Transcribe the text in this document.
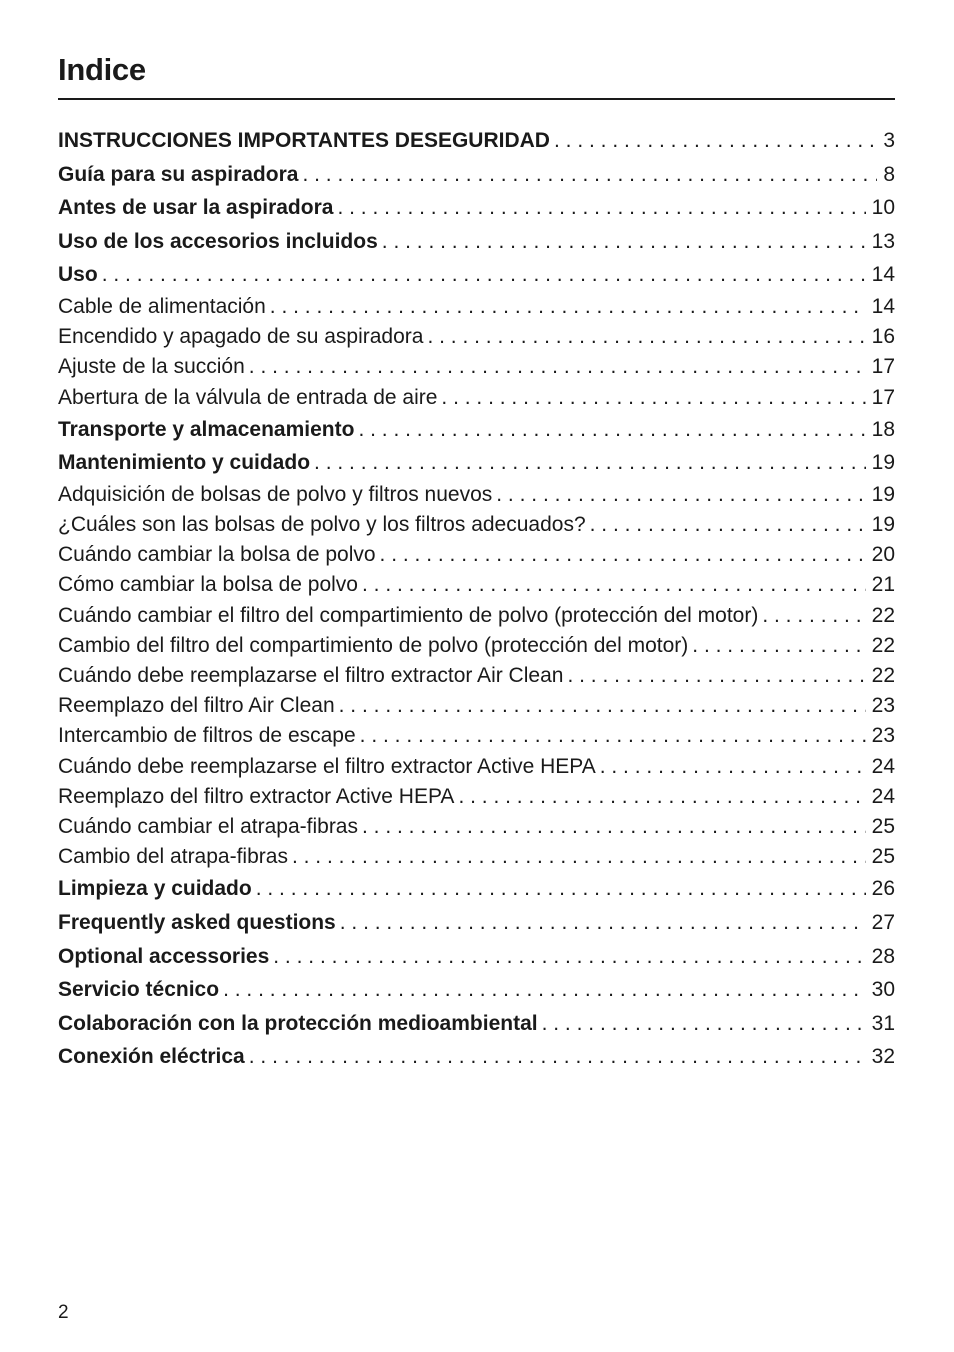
Indice
INSTRUCCIONES IMPORTANTES DESEGURIDAD . . .	3
Guía para su aspiradora . . .	8
Antes de usar la aspiradora . . .	10
Uso de los accesorios incluidos . . .	13
Uso . . .	14
Cable de alimentación . . .	14
Encendido y apagado de su aspiradora . . .	16
Ajuste de la succión . . .	17
Abertura de la válvula de entrada de aire . . .	17
Transporte y almacenamiento . . .	18
Mantenimiento y cuidado . . .	19
Adquisición de bolsas de polvo y filtros nuevos . . .	19
¿Cuáles son las bolsas de polvo y los filtros adecuados? . . .	19
Cuándo cambiar la bolsa de polvo . . .	20
Cómo cambiar la bolsa de polvo . . .	21
Cuándo cambiar el filtro del compartimiento de polvo (protección del motor) . . .	22
Cambio del filtro del compartimiento de polvo (protección del motor) . . .	22
Cuándo debe reemplazarse el filtro extractor Air Clean . . .	22
Reemplazo del filtro Air Clean . . .	23
Intercambio de filtros de escape . . .	23
Cuándo debe reemplazarse el filtro extractor Active HEPA . . .	24
Reemplazo del filtro extractor Active HEPA . . .	24
Cuándo cambiar el atrapa-fibras . . .	25
Cambio del atrapa-fibras . . .	25
Limpieza y cuidado . . .	26
Frequently asked questions . . .	27
Optional accessories . . .	28
Servicio técnico . . .	30
Colaboración con la protección medioambiental . . .	31
Conexión eléctrica . . .	32
2
